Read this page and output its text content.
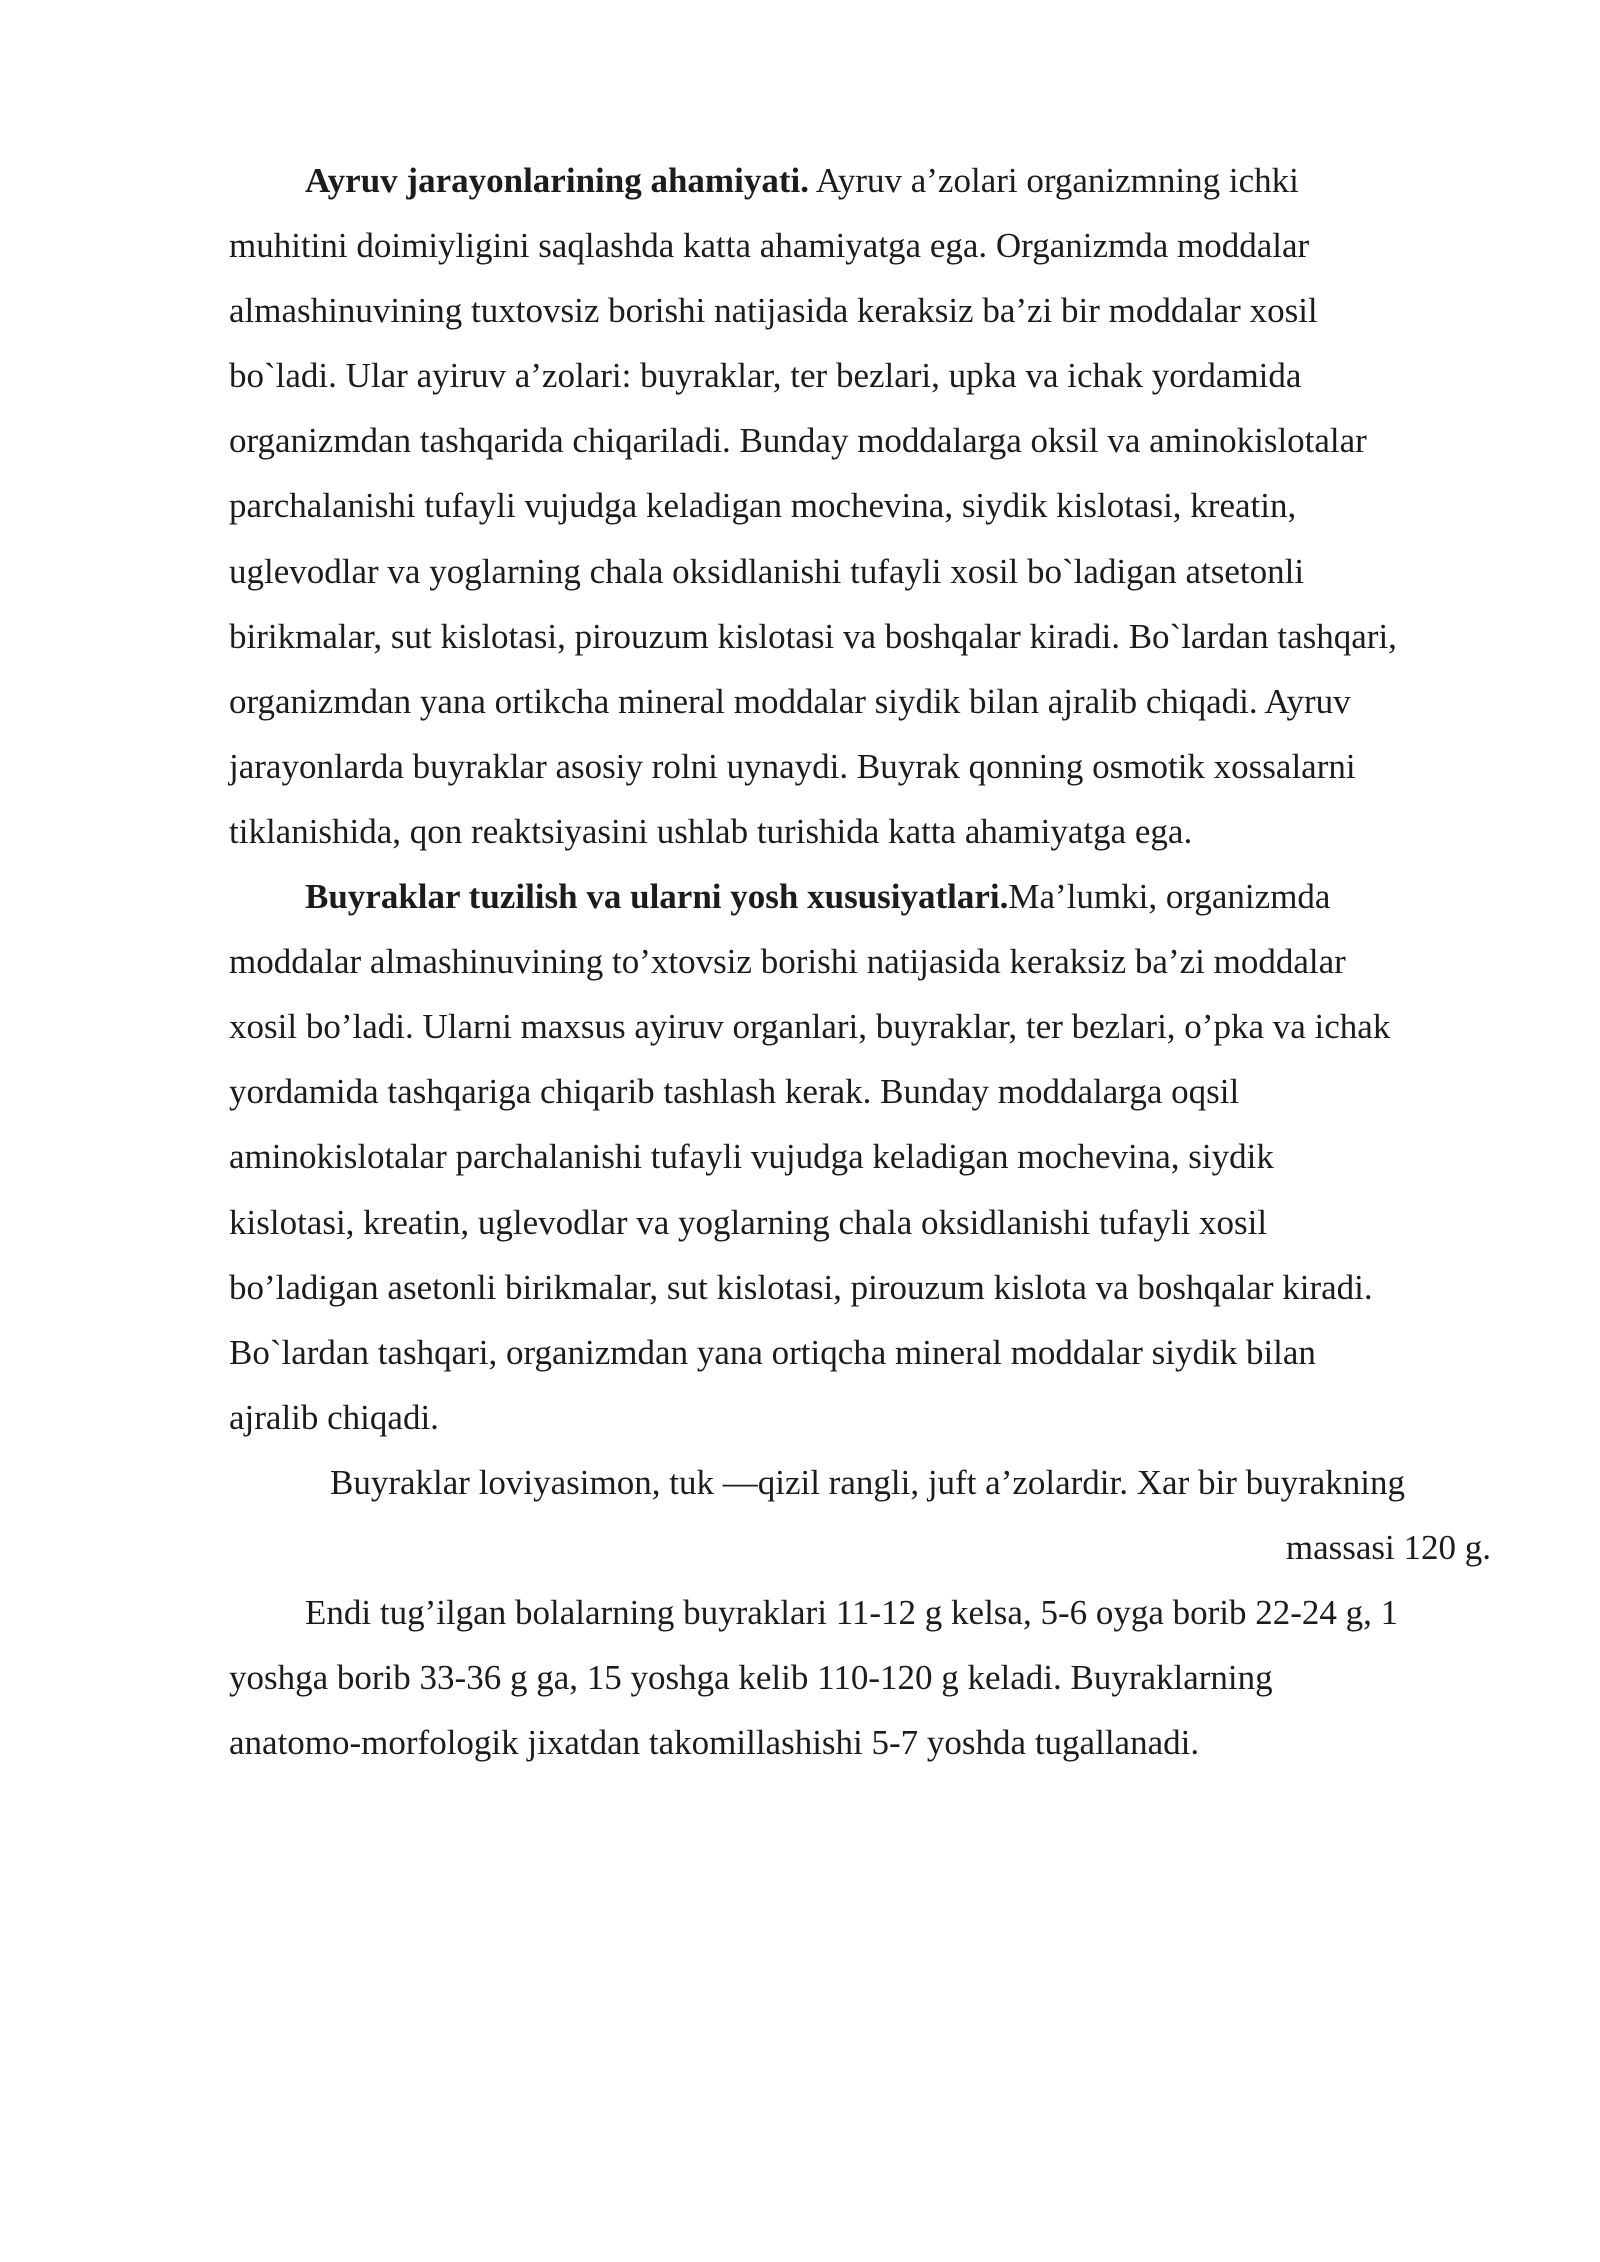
Ayruv jarayonlarining ahamiyati. Ayruv a’zolari organizmning ichki
muhitini doimiyligini saqlashda katta ahamiyatga ega. Organizmda moddalar
almashinuvining tuxtovsiz borishi natijasida keraksiz ba’zi bir moddalar xosil
bo`ladi. Ular ayiruv a’zolari: buyraklar, ter bezlari, upka va ichak yordamida
organizmdan tashqarida chiqariladi. Bunday moddalarga oksil va aminokislotalar
parchalanishi tufayli vujudga keladigan mochevina, siydik kislotasi, kreatin,
uglevodlar va yoglarning chala oksidlanishi tufayli xosil bo`ladigan atsetonli
birikmalar, sut kislotasi, pirouzum kislotasi va boshqalar kiradi. Bo`lardan tashqari,
organizmdan yana ortikcha mineral moddalar siydik bilan ajralib chiqadi. Ayruv
jarayonlarda buyraklar asosiy rolni uynaydi. Buyrak qonning osmotik xossalarni
tiklanishida, qon reaktsiyasini ushlab turishida katta ahamiyatga ega.
Buyraklar tuzilish va ularni yosh xususiyatlari.Ma’lumki, organizmda
moddalar almashinuvining to’xtovsiz borishi natijasida keraksiz ba’zi moddalar
xosil bo’ladi. Ularni maxsus ayiruv organlari, buyraklar, ter bezlari, o’pka va ichak
yordamida tashqariga chiqarib tashlash kerak. Bunday moddalarga oqsil
aminokislotalar parchalanishi tufayli vujudga keladigan mochevina, siydik
kislotasi, kreatin, uglevodlar va yoglarning chala oksidlanishi tufayli xosil
bo’ladigan asetonli birikmalar, sut kislotasi, pirouzum kislota va boshqalar kiradi.
Bo`lardan tashqari, organizmdan yana ortiqcha mineral moddalar siydik bilan
ajralib chiqadi.
Buyraklar loviyasimon, tuk —qizil rangli, juft a’zolardir. Xar bir buyrakning
massasi 120 g.
Endi tug’ilgan bolalarning buyraklari 11-12 g kelsa, 5-6 oyga borib 22-24 g, 1
yoshga borib 33-36 g ga, 15 yoshga kelib 110-120 g keladi. Buyraklarning
anatomo-morfologik jixatdan takomillashishi 5-7 yoshda tugallanadi.
